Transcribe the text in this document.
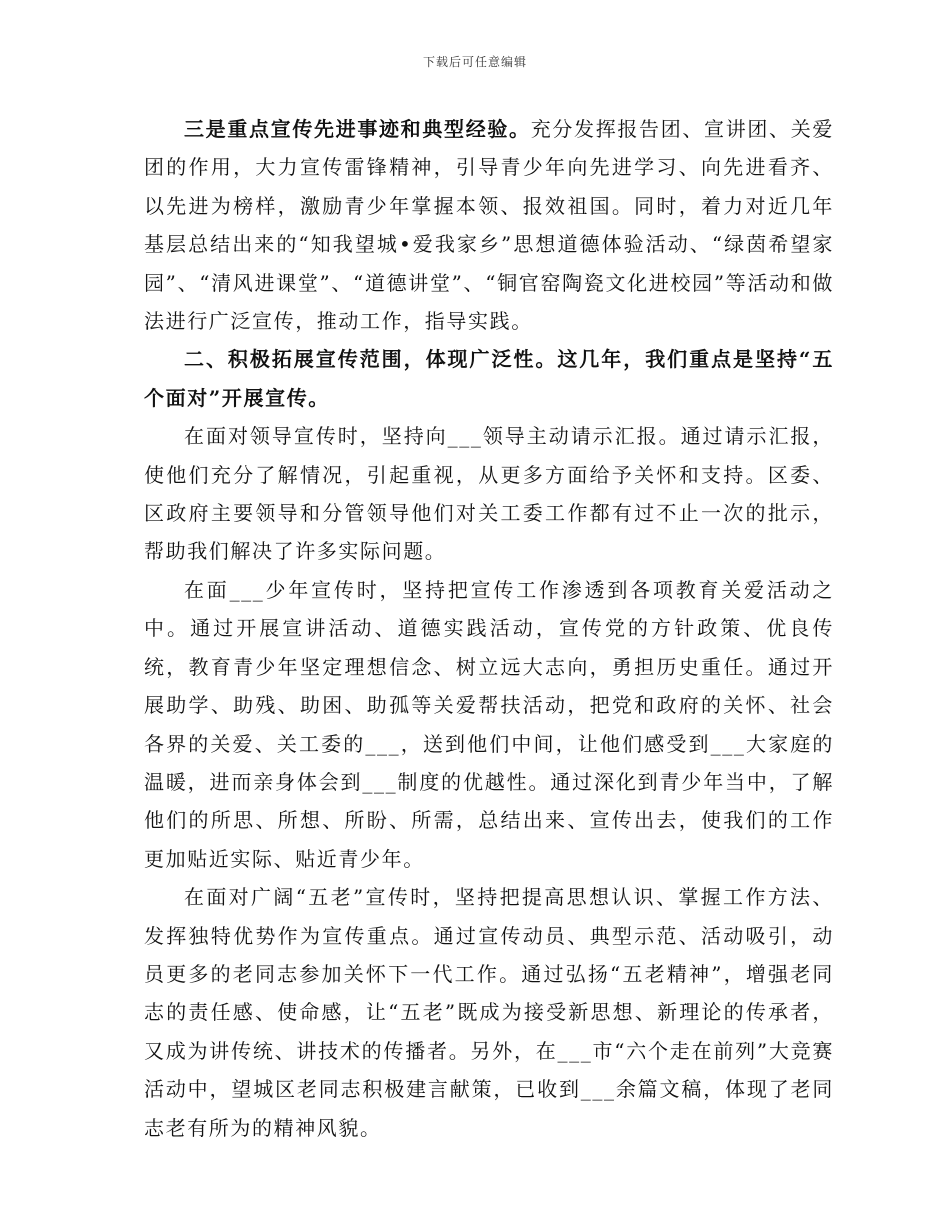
下载后可任意编辑

三是重点宣传先进事迹和典型经验。充分发挥报告团、宣讲团、关爱团的作用，大力宣传雷锋精神，引导青少年向先进学习、向先进看齐、以先进为榜样，激励青少年掌握本领、报效祖国。同时，着力对近几年基层总结出来的“知我望城•爱我家乡”思想道德体验活动、“绿茵希望家园”、“清风进课堂”、“道德讲堂”、“铜官窑陶瓷文化进校园”等活动和做法进行广泛宣传，推动工作，指导实践。

二、积极拓展宣传范围，体现广泛性。这几年，我们重点是坚持“五个面对”开展宣传。

在面对领导宣传时，坚持向___领导主动请示汇报。通过请示汇报，使他们充分了解情况，引起重视，从更多方面给予关怀和支持。区委、区政府主要领导和分管领导他们对关工委工作都有过不止一次的批示，帮助我们解决了许多实际问题。

在面___少年宣传时，坚持把宣传工作渗透到各项教育关爱活动之中。通过开展宣讲活动、道德实践活动，宣传党的方针政策、优良传统，教育青少年坚定理想信念、树立远大志向，勇担历史重任。通过开展助学、助残、助困、助孤等关爱帮扶活动，把党和政府的关怀、社会各界的关爱、关工委的___，送到他们中间，让他们感受到___大家庭的温暖，进而亲身体会到___制度的优越性。通过深化到青少年当中，了解他们的所思、所想、所盼、所需，总结出来、宣传出去，使我们的工作更加贴近实际、贴近青少年。

在面对广阔“五老”宣传时，坚持把提高思想认识、掌握工作方法、发挥独特优势作为宣传重点。通过宣传动员、典型示范、活动吸引，动员更多的老同志参加关怀下一代工作。通过弘扬“五老精神”，增强老同志的责任感、使命感，让“五老”既成为接受新思想、新理论的传承者，又成为讲传统、讲技术的传播者。另外，在___市“六个走在前列”大竞赛活动中，望城区老同志积极建言献策，已收到___余篇文稿，体现了老同志老有所为的精神风貌。
